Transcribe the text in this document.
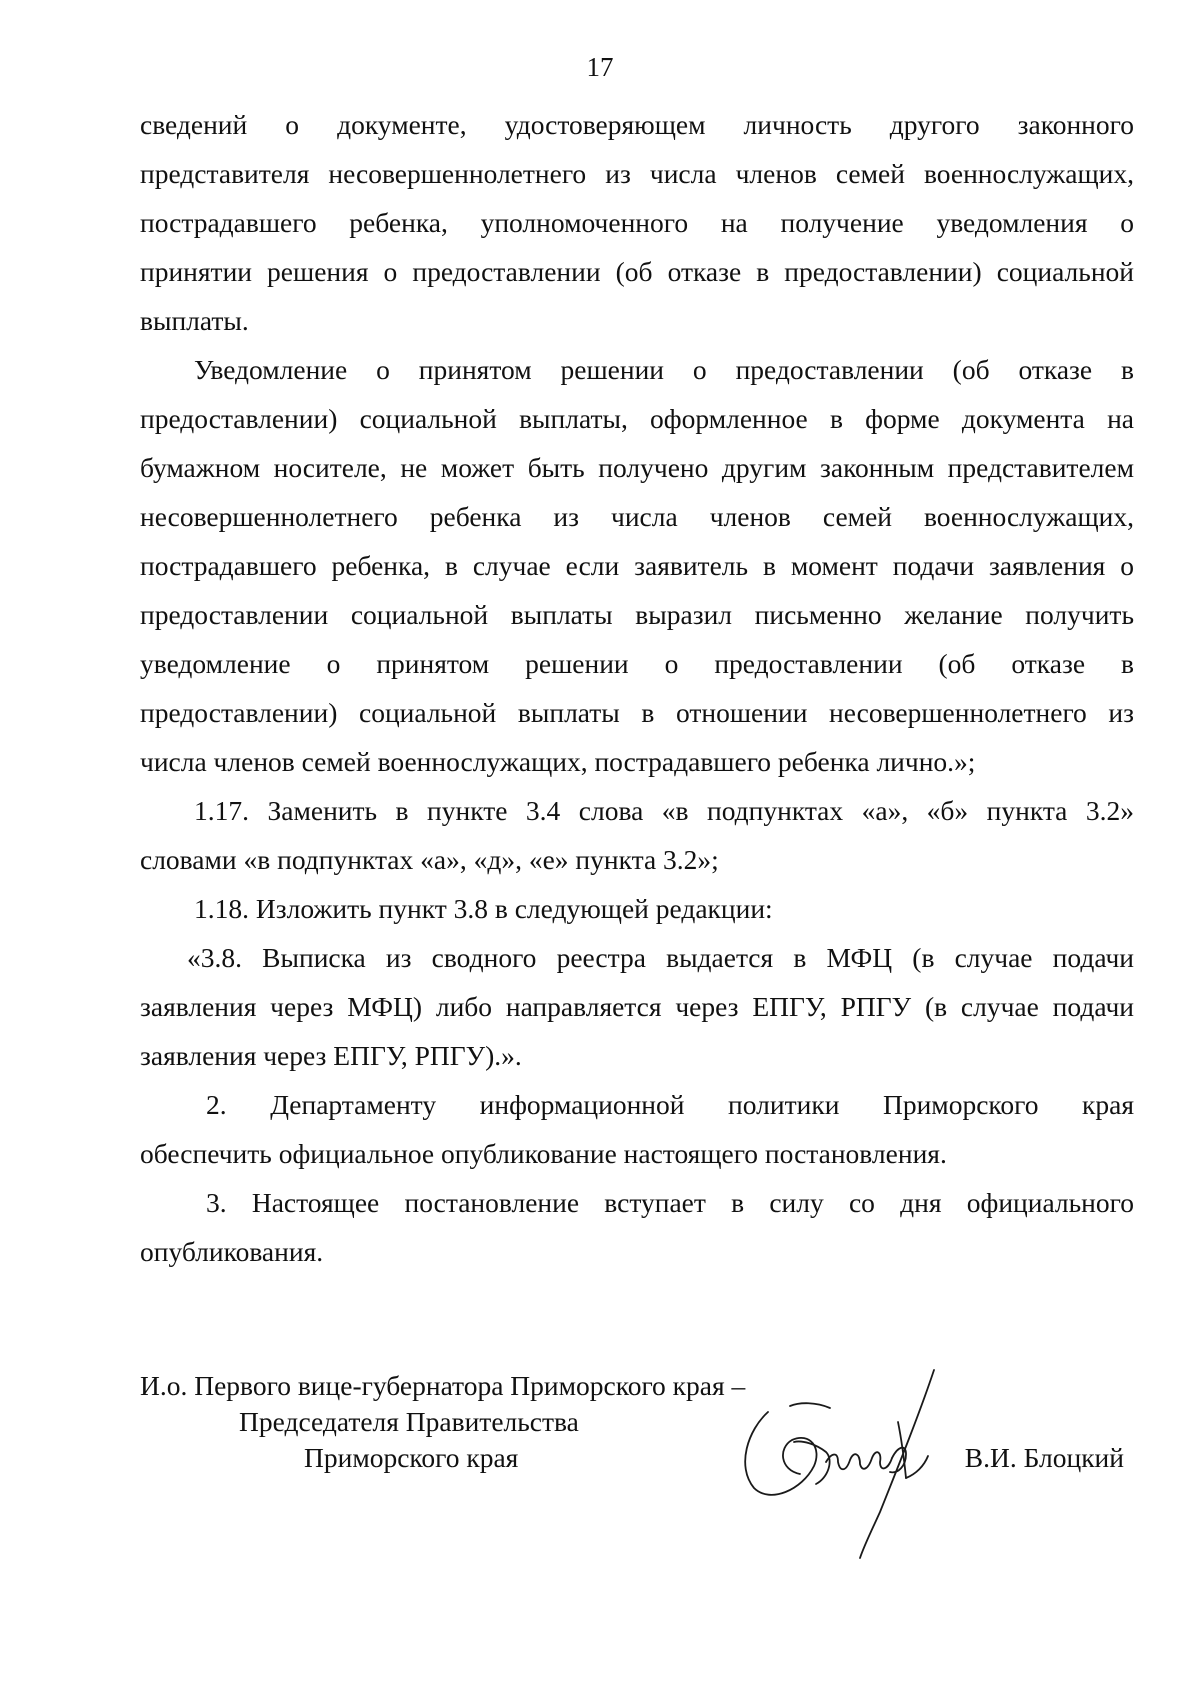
17
сведений о документе, удостоверяющем личность другого законного
представителя несовершеннолетнего из числа членов семей военнослужащих,
пострадавшего ребенка, уполномоченного на получение уведомления о
принятии решения о предоставлении (об отказе в предоставлении) социальной
выплаты.
Уведомление о принятом решении о предоставлении (об отказе в
предоставлении) социальной выплаты, оформленное в форме документа на
бумажном носителе, не может быть получено другим законным представителем
несовершеннолетнего ребенка из числа членов семей военнослужащих,
пострадавшего ребенка, в случае если заявитель в момент подачи заявления о
предоставлении социальной выплаты выразил письменно желание получить
уведомление о принятом решении о предоставлении (об отказе в
предоставлении) социальной выплаты в отношении несовершеннолетнего из
числа членов семей военнослужащих, пострадавшего ребенка лично.»;
1.17. Заменить в пункте 3.4 слова «в подпунктах «а», «б» пункта 3.2»
словами «в подпунктах «а», «д», «е» пункта 3.2»;
1.18. Изложить пункт 3.8 в следующей редакции:
«3.8. Выписка из сводного реестра выдается в МФЦ (в случае подачи
заявления через МФЦ) либо направляется через ЕПГУ, РПГУ (в случае подачи
заявления через ЕПГУ, РПГУ).».
2. Департаменту информационной политики Приморского края
обеспечить официальное опубликование настоящего постановления.
3. Настоящее постановление вступает в силу со дня официального
опубликования.
И.о. Первого вице-губернатора Приморского края –
Председателя Правительства
Приморского края	В.И. Блоцкий
